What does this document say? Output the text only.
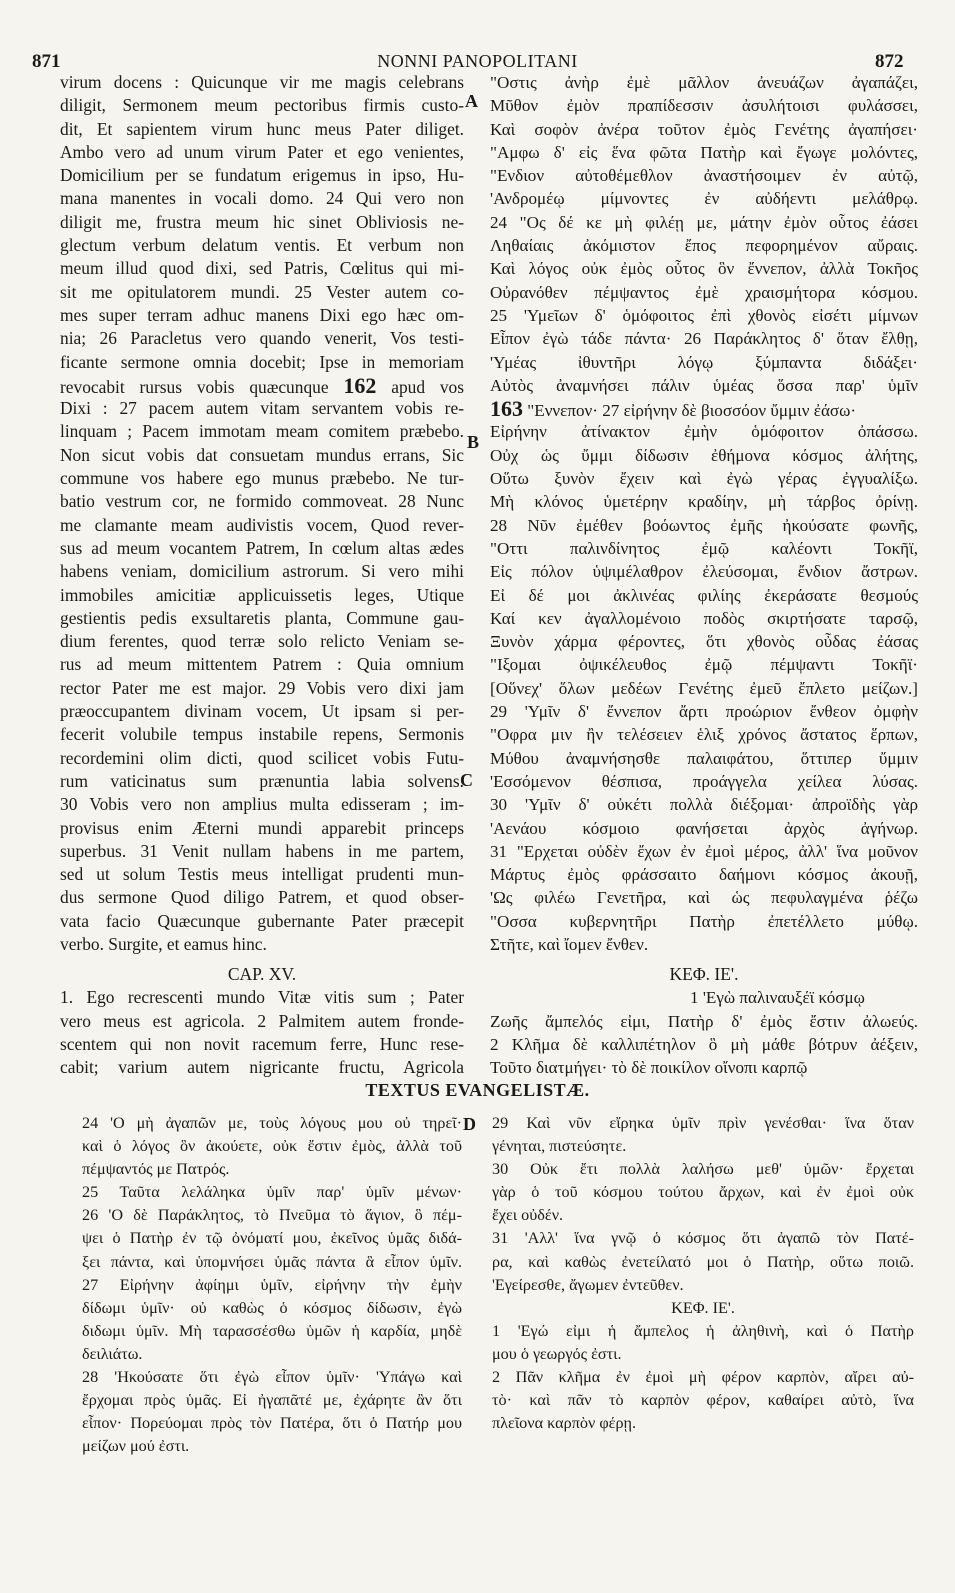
871	NONNI PANOPOLITANI	872
A
B
C
D
virum docens : Quicunque vir me magis celebrans
diligit, Sermonem meum pectoribus firmis custo-
dit, Et sapientem virum hunc meus Pater diliget.
Ambo vero ad unum virum Pater et ego venientes,
Domicilium per se fundatum erigemus in ipso, Hu-
mana manentes in vocali domo. 24 Qui vero non
diligit me, frustra meum hic sinet Obliviosis ne-
glectum verbum delatum ventis. Et verbum non
meum illud quod dixi, sed Patris, Cœlitus qui mi-
sit me opitulatorem mundi. 25 Vester autem co-
mes super terram adhuc manens Dixi ego hæc om-
nia; 26 Paracletus vero quando venerit, Vos testi-
ficante sermone omnia docebit; Ipse in memoriam
revocabit rursus vobis quæcunque 162 apud vos
Dixi : 27 pacem autem vitam servantem vobis re-
linquam ; Pacem immotam meam comitem præbebo.
Non sicut vobis dat consuetam mundus errans, Sic
commune vos habere ego munus præbebo. Ne tur-
batio vestrum cor, ne formido commoveat. 28 Nunc
me clamante meam audivistis vocem, Quod rever-
sus ad meum vocantem Patrem, In cœlum altas ædes
habens veniam, domicilium astrorum. Si vero mihi
immobiles amicitiæ applicuissetis leges, Utique
gestientis pedis exsultaretis planta, Commune gau-
dium ferentes, quod terræ solo relicto Veniam se-
rus ad meum mittentem Patrem : Quia omnium
rector Pater me est major. 29 Vobis vero dixi jam
præoccupantem divinam vocem, Ut ipsam si per-
fecerit volubile tempus instabile repens, Sermonis
recordemini olim dicti, quod scilicet vobis Futu-
rum vaticinatus sum prænuntia labia solvens.
30 Vobis vero non amplius multa edisseram ; im-
provisus enim Æterni mundi apparebit princeps
superbus. 31 Venit nullam habens in me partem,
sed ut solum Testis meus intelligat prudenti mun-
dus sermone Quod diligo Patrem, et quod obser-
vata facio Quæcunque gubernante Pater præcepit
verbo. Surgite, et eamus hinc.
CAP. XV.
1. Ego recrescenti mundo Vitæ vitis sum ; Pater
vero meus est agricola. 2 Palmitem autem fronde-
scentem qui non novit racemum ferre, Hunc rese-
cabit; varium autem nigricante fructu, Agricola
"Οστις ἀνὴρ ἐμὲ μᾶλλον ἀνευάζων ἀγαπάζει,
Μῦθον ἐμὸν πραπίδεσσιν ἀσυλήτοισι φυλάσσει,
Καὶ σοφὸν ἀνέρα τοῦτον ἐμὸς Γενέτης ἀγαπήσει·
"Αμφω δ' εἰς ἕνα φῶτα Πατὴρ καὶ ἔγωγε μολόντες,
"Ενδιον αὐτοθέμεθλον ἀναστήσοιμεν ἐν αὐτῷ,
'Ανδρομέῳ μίμνοντες ἐν αὐδήεντι μελάθρῳ.
24 "Ος δέ κε μὴ φιλέῃ με, μάτην ἐμὸν οὗτος ἐάσει
Ληθαίαις ἀκόμιστον ἔπος πεφορημένον αὔραις.
Καὶ λόγος οὐκ ἐμὸς οὗτος ὃν ἔννεπον, ἀλλὰ Τοκῆος
Οὐρανόθεν πέμψαντος ἐμὲ χραισμήτορα κόσμου.
25 'Υμεῖων δ' ὁμόφοιτος ἐπὶ χθονὸς εἰσέτι μίμνων
Εἶπον ἐγὼ τάδε πάντα· 26 Παράκλητος δ' ὅταν ἔλθῃ,
'Υμέας ἰθυντῆρι λόγῳ ξύμπαντα διδάξει·
Αὐτὸς ἀναμνήσει πάλιν ὑμέας ὅσσα παρ' ὑμῖν
163 "Εννεπον· 27 εἰρήνην δὲ βιοσσόον ὔμμιν ἐάσω·
Εἰρήνην ἀτίνακτον ἐμὴν ὁμόφοιτον ὀπάσσω.
Οὐχ ὡς ὔμμι δίδωσιν ἐθήμονα κόσμος ἀλήτης,
Οὕτω ξυνὸν ἔχειν καὶ ἐγὼ γέρας ἐγγυαλίξω.
Μὴ κλόνος ὑμετέρην κραδίην, μὴ τάρβος ὀρίνῃ.
28 Νῦν ἐμέθεν βοόωντος ἐμῆς ἠκούσατε φωνῆς,
"Οττι παλινδίνητος ἐμῷ καλέοντι Τοκῆϊ,
Εἰς πόλον ὑψιμέλαθρον ἐλεύσομαι, ἔνδιον ἄστρων.
Εἰ δέ μοι ἀκλινέας φιλίης ἐκεράσατε θεσμούς
Καί κεν ἀγαλλομένοιο ποδὸς σκιρτήσατε ταρσῷ,
Ξυνὸν χάρμα φέροντες, ὅτι χθονὸς οὖδας ἐάσας
"Ιξομαι ὀψικέλευθος ἐμῷ πέμψαντι Τοκῆϊ·
[Οὕνεχ' ὅλων μεδέων Γενέτης ἐμεῦ ἔπλετο μείζων.]
29 'Υμῖν δ' ἔννεπον ἄρτι προώριον ἔνθεον ὀμφὴν
"Οφρα μιν ἢν τελέσειεν ἑλιξ χρόνος ἄστατος ἕρπων,
Μύθου ἀναμνήσησθε παλαιφάτου, ὅττιπερ ὔμμιν
'Εσσόμενον θέσπισα, προάγγελα χείλεα λύσας.
30 'Υμῖν δ' οὐκέτι πολλὰ διέξομαι· ἀπροϊδὴς γὰρ
'Αενάου κόσμοιο φανήσεται ἀρχὸς ἀγήνωρ.
31 "Ερχεται οὐδὲν ἔχων ἐν ἐμοὶ μέρος, ἀλλ' ἵνα μοῦνον
Μάρτυς ἐμὸς φράσσαιτο δαήμονι κόσμος ἀκουῇ,
'Ως φιλέω Γενετῆρα, καὶ ὡς πεφυλαγμένα ῥέζω
"Οσσα κυβερνητῆρι Πατὴρ ἐπετέλλετο μύθῳ.
Στῆτε, καὶ ἴομεν ἔνθεν.
ΚΕΦ. ΙΕ'.
1 'Εγὼ παλιναυξέϊ κόσμῳ
Ζωῆς ἄμπελός εἰμι, Πατὴρ δ' ἐμὸς ἔστιν ἀλωεύς.
2 Κλῆμα δὲ καλλιπέτηλον ὃ μὴ μάθε βότρυν ἀέξειν,
Τοῦτο διατμήγει· τὸ δὲ ποικίλον οἴνοπι καρπῷ
TEXTUS EVANGELISTÆ.
24 'Ο μὴ ἀγαπῶν με, τοὺς λόγους μου οὐ τηρεῖ·
καὶ ὁ λόγος ὃν ἀκούετε, οὐκ ἔστιν ἐμὸς, ἀλλὰ τοῦ
πέμψαντός με Πατρός.
25 Ταῦτα λελάληκα ὑμῖν παρ' ὑμῖν μένων·
26 'Ο δὲ Παράκλητος, τὸ Πνεῦμα τὸ ἅγιον, ὃ πέμ-
ψει ὁ Πατὴρ ἐν τῷ ὀνόματί μου, ἐκεῖνος ὑμᾶς διδά-
ξει πάντα, καὶ ὑπομνήσει ὑμᾶς πάντα ἃ εἶπον ὑμῖν.
27 Εἰρήνην ἀφίημι ὑμῖν, εἰρήνην τὴν ἐμὴν
δίδωμι ὑμῖν· οὐ καθὼς ὁ κόσμος δίδωσιν, ἐγὼ
διδωμι ὑμῖν. Μὴ ταρασσέσθω ὑμῶν ἡ καρδία, μηδὲ
δειλιάτω.
28 'Ηκούσατε ὅτι ἐγὼ εἶπον ὑμῖν· 'Υπάγω καὶ
ἔρχομαι πρὸς ὑμᾶς. Εἰ ἠγαπᾶτέ με, ἐχάρητε ἂν ὅτι
εἶπον· Πορεύομαι πρὸς τὸν Πατέρα, ὅτι ὁ Πατήρ μου
μείζων μού ἐστι.
29 Καὶ νῦν εἴρηκα ὑμῖν πρὶν γενέσθαι· ἵνα ὅταν
γένηται, πιστεύσητε.
30 Οὐκ ἔτι πολλὰ λαλήσω μεθ' ὑμῶν· ἔρχεται
γὰρ ὁ τοῦ κόσμου τούτου ἄρχων, καὶ ἐν ἐμοὶ οὐκ
ἔχει οὐδέν.
31 'Αλλ' ἵνα γνῷ ὁ κόσμος ὅτι ἀγαπῶ τὸν Πατέ-
ρα, καὶ καθὼς ἐνετείλατό μοι ὁ Πατὴρ, οὕτω ποιῶ.
'Εγείρεσθε, ἄγωμεν ἐντεῦθεν.
ΚΕΦ. ΙΕ'.
1 'Εγώ εἰμι ἡ ἄμπελος ἡ ἀληθινὴ, καὶ ὁ Πατὴρ
μου ὁ γεωργός ἐστι.
2 Πᾶν κλῆμα ἐν ἐμοὶ μὴ φέρον καρπὸν, αἴρει αὐ-
τὸ· καὶ πᾶν τὸ καρπὸν φέρον, καθαίρει αὐτὸ, ἵνα
πλεῖονα καρπὸν φέρῃ.
